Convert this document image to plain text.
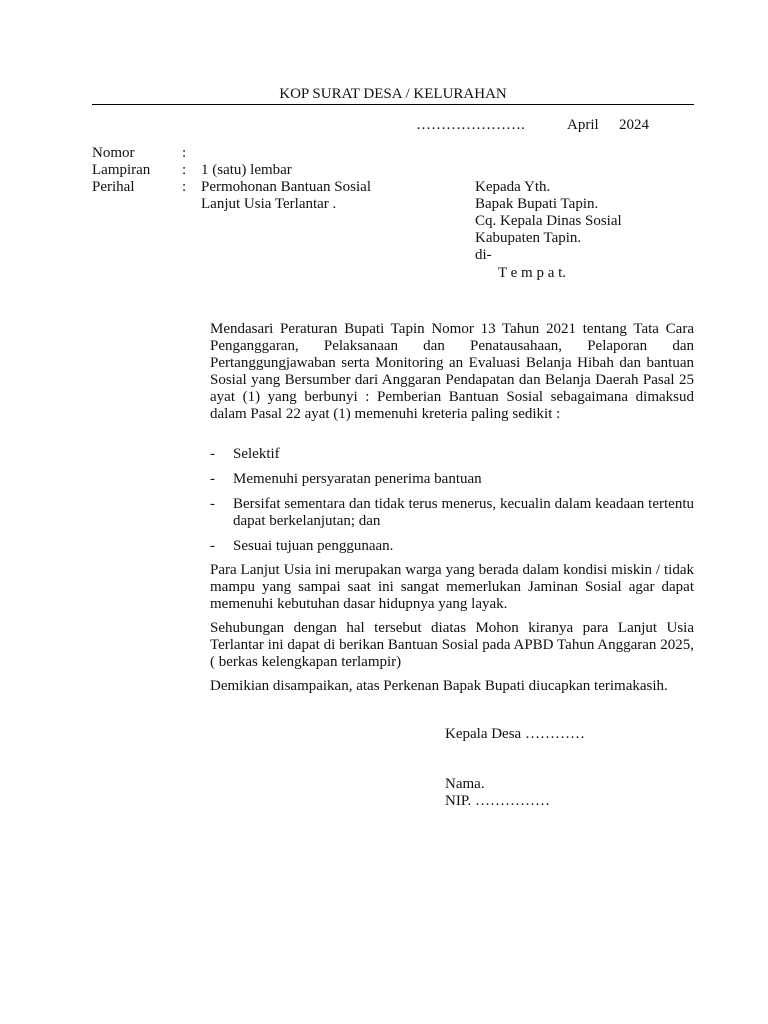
KOP SURAT DESA / KELURAHAN
………………….	April 2024
Nomor	:
Lampiran : 1 (satu) lembar
Perihal	: Permohonan Bantuan Sosial
Lanjut Usia Terlantar .
Kepada Yth.
Bapak Bupati Tapin.
Cq. Kepala Dinas Sosial
Kabupaten Tapin.
di-
T e m p a t.

Mendasari Peraturan Bupati Tapin Nomor 13 Tahun 2021 tentang Tata Cara Penganggaran, Pelaksanaan dan Penatausahaan, Pelaporan dan Pertanggungjawaban serta Monitoring an Evaluasi Belanja Hibah dan bantuan Sosial yang Bersumber dari Anggaran Pendapatan dan Belanja Daerah Pasal 25 ayat (1) yang berbunyi : Pemberian Bantuan Sosial sebagaimana dimaksud dalam Pasal 22 ayat (1) memenuhi kreteria paling sedikit :

- Selektif
- Memenuhi persyaratan penerima bantuan
- Bersifat sementara dan tidak terus menerus, kecualin dalam keadaan tertentu dapat berkelanjutan; dan
- Sesuai tujuan penggunaan.

Para Lanjut Usia ini merupakan warga yang berada dalam kondisi miskin / tidak mampu yang sampai saat ini sangat memerlukan Jaminan Sosial agar dapat memenuhi kebutuhan dasar hidupnya yang layak.

Sehubungan dengan hal tersebut diatas Mohon kiranya para Lanjut Usia Terlantar ini dapat di berikan Bantuan Sosial pada APBD Tahun Anggaran 2025, ( berkas kelengkapan terlampir)

Demikian disampaikan, atas Perkenan Bapak Bupati diucapkan terimakasih.

Kepala Desa …………
Nama.
NIP. ……………
